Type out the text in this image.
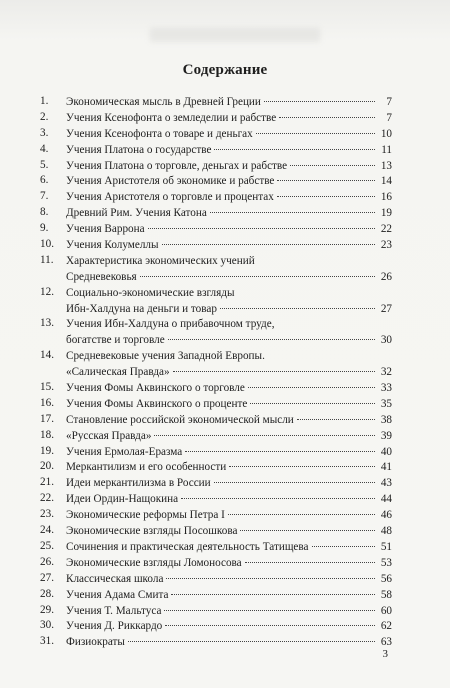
Содержание
1.	Экономическая мысль в Древней Греции	7
2.	Учения Ксенофонта о земледелии и рабстве	7
3.	Учения Ксенофонта о товаре и деньгах	10
4.	Учения Платона о государстве	11
5.	Учения Платона о торговле, деньгах и рабстве	13
6.	Учения Аристотеля об экономике и рабстве	14
7.	Учения Аристотеля о торговле и процентах	16
8.	Древний Рим. Учения Катона	19
9.	Учения Варрона	22
10.	Учения Колумеллы	23
11.	Характеристика экономических учений
Средневековья	26
12.	Социально-экономические взгляды
Ибн-Халдуна на деньги и товар	27
13.	Учения Ибн-Халдуна о прибавочном труде,
богатстве и торговле	30
14.	Средневековые учения Западной Европы.
«Салическая Правда»	32
15.	Учения Фомы Аквинского о торговле	33
16.	Учения Фомы Аквинского о проценте	35
17.	Становление российской экономической мысли	38
18.	«Русская Правда»	39
19.	Учения Ермолая-Еразма	40
20.	Меркантилизм и его особенности	41
21.	Идеи меркантилизма в России	43
22.	Идеи Ордин-Нащокина	44
23.	Экономические реформы Петра I	46
24.	Экономические взгляды Посошкова	48
25.	Сочинения и практическая деятельность Татищева	51
26.	Экономические взгляды Ломоносова	53
27.	Классическая школа	56
28.	Учения Адама Смита	58
29.	Учения Т. Мальтуса	60
30.	Учения Д. Риккардо	62
31.	Физиократы	63
3
